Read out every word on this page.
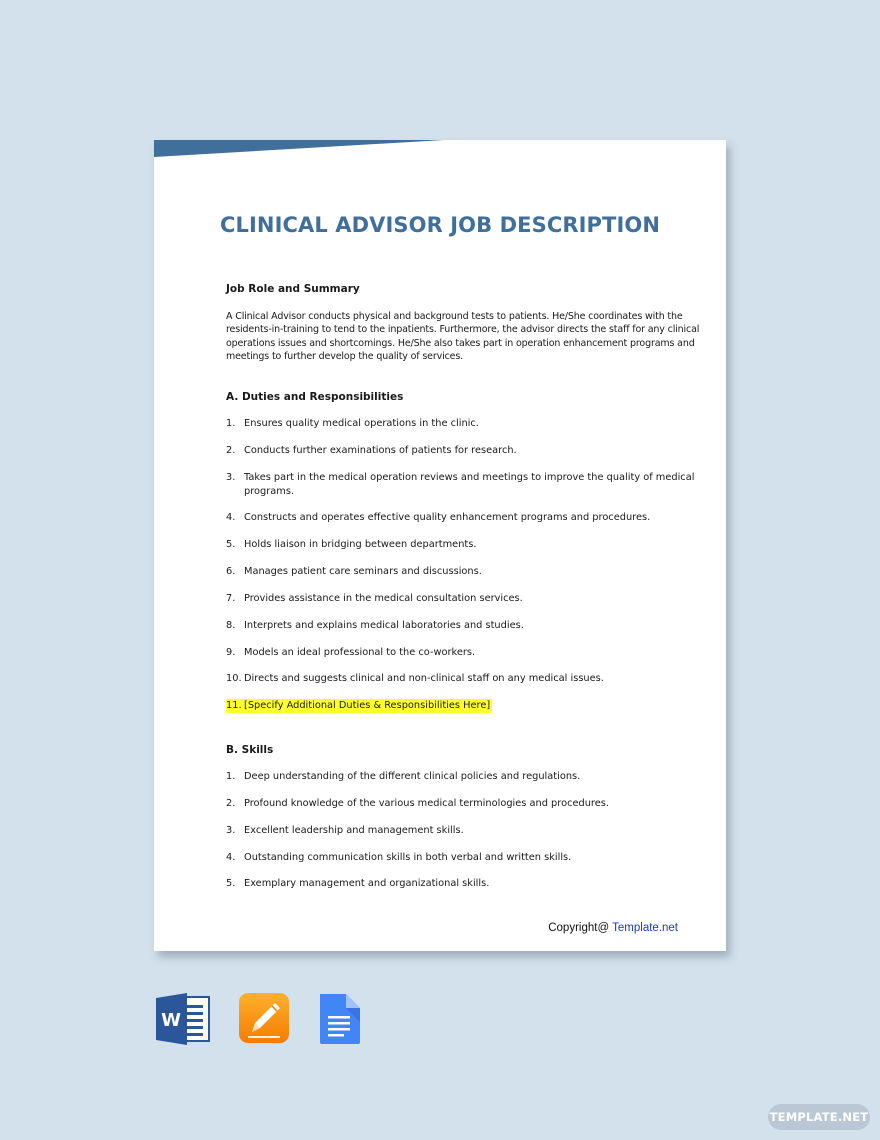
CLINICAL ADVISOR JOB DESCRIPTION
Job Role and Summary
A Clinical Advisor conducts physical and background tests to patients. He/She coordinates with the
residents-in-training to tend to the inpatients. Furthermore, the advisor directs the staff for any clinical
operations issues and shortcomings. He/She also takes part in operation enhancement programs and
meetings to further develop the quality of services.
A. Duties and Responsibilities
1. Ensures quality medical operations in the clinic.
2. Conducts further examinations of patients for research.
3. Takes part in the medical operation reviews and meetings to improve the quality of medical
programs.
4. Constructs and operates effective quality enhancement programs and procedures.
5. Holds liaison in bridging between departments.
6. Manages patient care seminars and discussions.
7. Provides assistance in the medical consultation services.
8. Interprets and explains medical laboratories and studies.
9. Models an ideal professional to the co-workers.
10. Directs and suggests clinical and non-clinical staff on any medical issues.
11. [Specify Additional Duties & Responsibilities Here]
B. Skills
1. Deep understanding of the different clinical policies and regulations.
2. Profound knowledge of the various medical terminologies and procedures.
3. Excellent leadership and management skills.
4. Outstanding communication skills in both verbal and written skills.
5. Exemplary management and organizational skills.
Copyright@ Template.net
W
TEMPLATE.NET
